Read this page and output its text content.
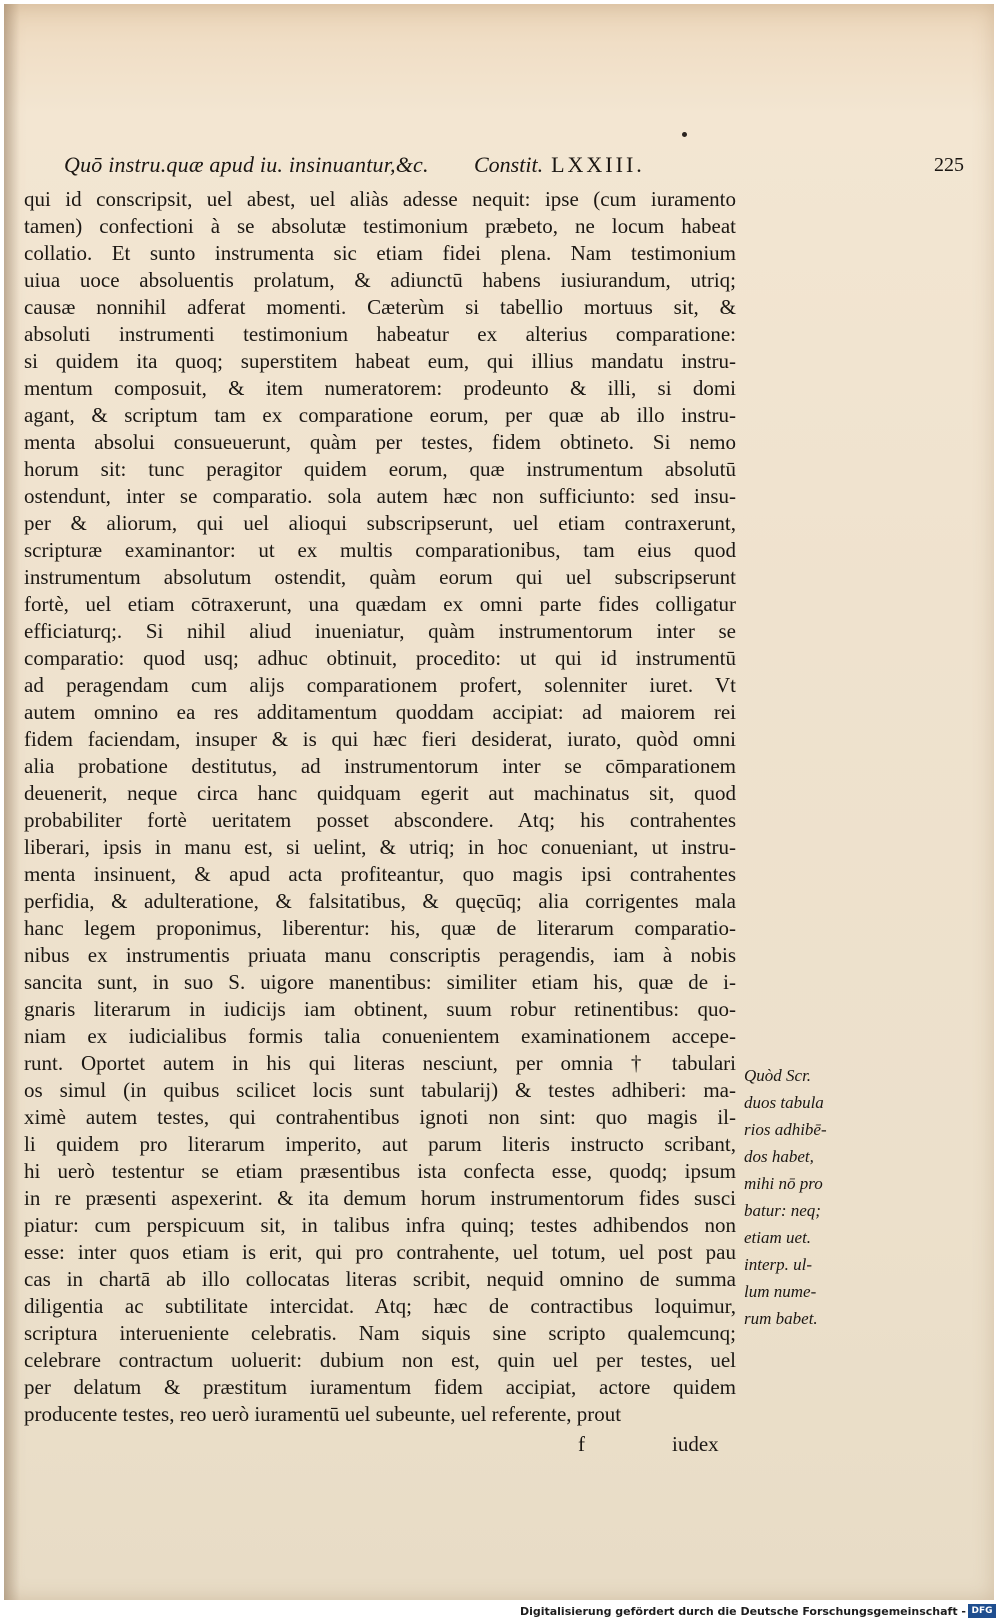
Quō instru.quæ apud iu. insinuantur,&c. Constit. LXXIII.	225
qui id conscripsit, uel abest, uel aliàs adesse nequit: ipse (cum iuramento
tamen) confectioni à se absolutæ testimonium præbeto, ne locum habeat
collatio. Et sunto instrumenta sic etiam fidei plena. Nam testimonium
uiua uoce absoluentis prolatum, & adiunctū habens iusiurandum, utriq;
causæ nonnihil adferat momenti. Cæterùm si tabellio mortuus sit, &
absoluti instrumenti testimonium habeatur ex alterius comparatione:
si quidem ita quoq; superstitem habeat eum, qui illius mandatu instru-
mentum composuit, & item numeratorem: prodeunto & illi, si domi
agant, & scriptum tam ex comparatione eorum, per quæ ab illo instru-
menta absolui consueuerunt, quàm per testes, fidem obtineto. Si nemo
horum sit: tunc peragitor quidem eorum, quæ instrumentum absolutū
ostendunt, inter se comparatio. sola autem hæc non sufficiunto: sed insu-
per & aliorum, qui uel alioqui subscripserunt, uel etiam contraxerunt,
scripturæ examinantor: ut ex multis comparationibus, tam eius quod
instrumentum absolutum ostendit, quàm eorum qui uel subscripserunt
fortè, uel etiam cōtraxerunt, una quædam ex omni parte fides colligatur
efficiaturq;. Si nihil aliud inueniatur, quàm instrumentorum inter se
comparatio: quod usq; adhuc obtinuit, procedito: ut qui id instrumentū
ad peragendam cum alijs comparationem profert, solenniter iuret. Vt
autem omnino ea res additamentum quoddam accipiat: ad maiorem rei
fidem faciendam, insuper & is qui hæc fieri desiderat, iurato, quòd omni
alia probatione destitutus, ad instrumentorum inter se cōmparationem
deuenerit, neque circa hanc quidquam egerit aut machinatus sit, quod
probabiliter fortè ueritatem posset abscondere. Atq; his contrahentes
liberari, ipsis in manu est, si uelint, & utriq; in hoc conueniant, ut instru-
menta insinuent, & apud acta profiteantur, quo magis ipsi contrahentes
perfidia, & adulteratione, & falsitatibus, & quęcūq; alia corrigentes mala
hanc legem proponimus, liberentur: his, quæ de literarum comparatio-
nibus ex instrumentis priuata manu conscriptis peragendis, iam à nobis
sancita sunt, in suo S. uigore manentibus: similiter etiam his, quæ de i-
gnaris literarum in iudicijs iam obtinent, suum robur retinentibus: quo-
niam ex iudicialibus formis talia conuenientem examinationem accepe-
runt. Oportet autem in his qui literas nesciunt, per omnia † tabulari
os simul (in quibus scilicet locis sunt tabularij) & testes adhiberi: ma-
ximè autem testes, qui contrahentibus ignoti non sint: quo magis il-
li quidem pro literarum imperito, aut parum literis instructo scribant,
hi uerò testentur se etiam præsentibus ista confecta esse, quodq; ipsum
in re præsenti aspexerint. & ita demum horum instrumentorum fides susci
piatur: cum perspicuum sit, in talibus infra quinq; testes adhibendos non
esse: inter quos etiam is erit, qui pro contrahente, uel totum, uel post pau
cas in chartā ab illo collocatas literas scribit, nequid omnino de summa
diligentia ac subtilitate intercidat. Atq; hæc de contractibus loquimur,
scriptura interueniente celebratis. Nam siquis sine scripto qualemcunq;
celebrare contractum uoluerit: dubium non est, quin uel per testes, uel
per delatum & præstitum iuramentum fidem accipiat, actore quidem
producente testes, reo uerò iuramentū uel subeunte, uel referente, prout
Quòd Scr.
duos tabula
rios adhibē-
dos habet,
mihi nō pro
batur: neq;
etiam uet.
interp. ul-
lum nume-
rum babet.
f	iudex
Digitalisierung gefördert durch die Deutsche Forschungsgemeinschaft - DFG
